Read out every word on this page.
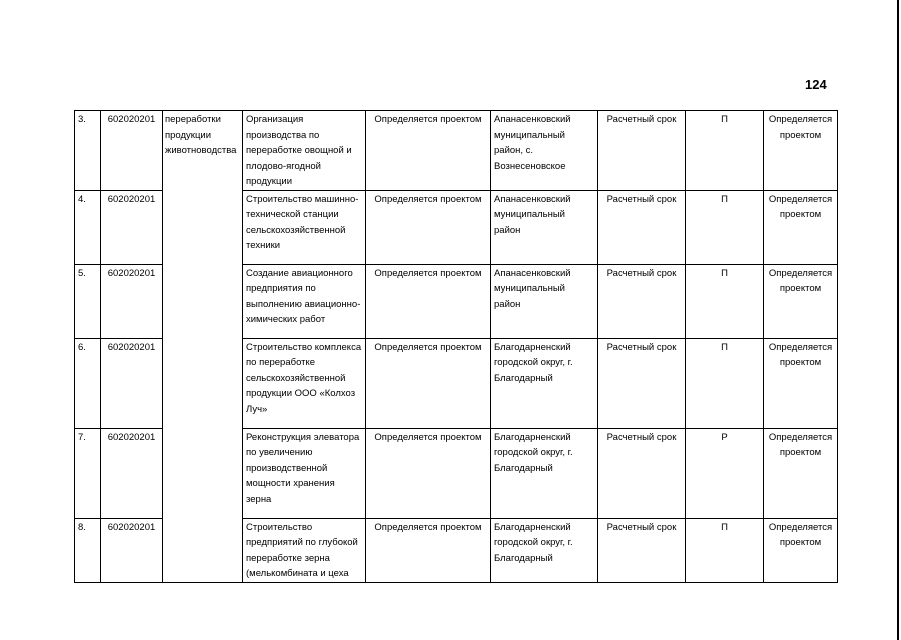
124
3.	602020201	переработки продукции животноводства	Организация производства по переработке овощной и плодово-ягодной продукции	Определяется проектом	Апанасенковский муниципальный район, с. Вознесеновское	Расчетный срок	П	Определяется проектом
4.	602020201		Строительство машинно-технической станции сельскохозяйственной техники	Определяется проектом	Апанасенковский муниципальный район	Расчетный срок	П	Определяется проектом
5.	602020201		Создание авиационного предприятия по выполнению авиационно-химических работ	Определяется проектом	Апанасенковский муниципальный район	Расчетный срок	П	Определяется проектом
6.	602020201		Строительство комплекса по переработке сельскохозяйственной продукции ООО «Колхоз Луч»	Определяется проектом	Благодарненский городской округ, г. Благодарный	Расчетный срок	П	Определяется проектом
7.	602020201		Реконструкция элеватора по увеличению производственной мощности хранения зерна	Определяется проектом	Благодарненский городской округ, г. Благодарный	Расчетный срок	Р	Определяется проектом
8.	602020201		Строительство предприятий по глубокой переработке зерна (мелькомбината и цеха	Определяется проектом	Благодарненский городской округ, г. Благодарный	Расчетный срок	П	Определяется проектом
